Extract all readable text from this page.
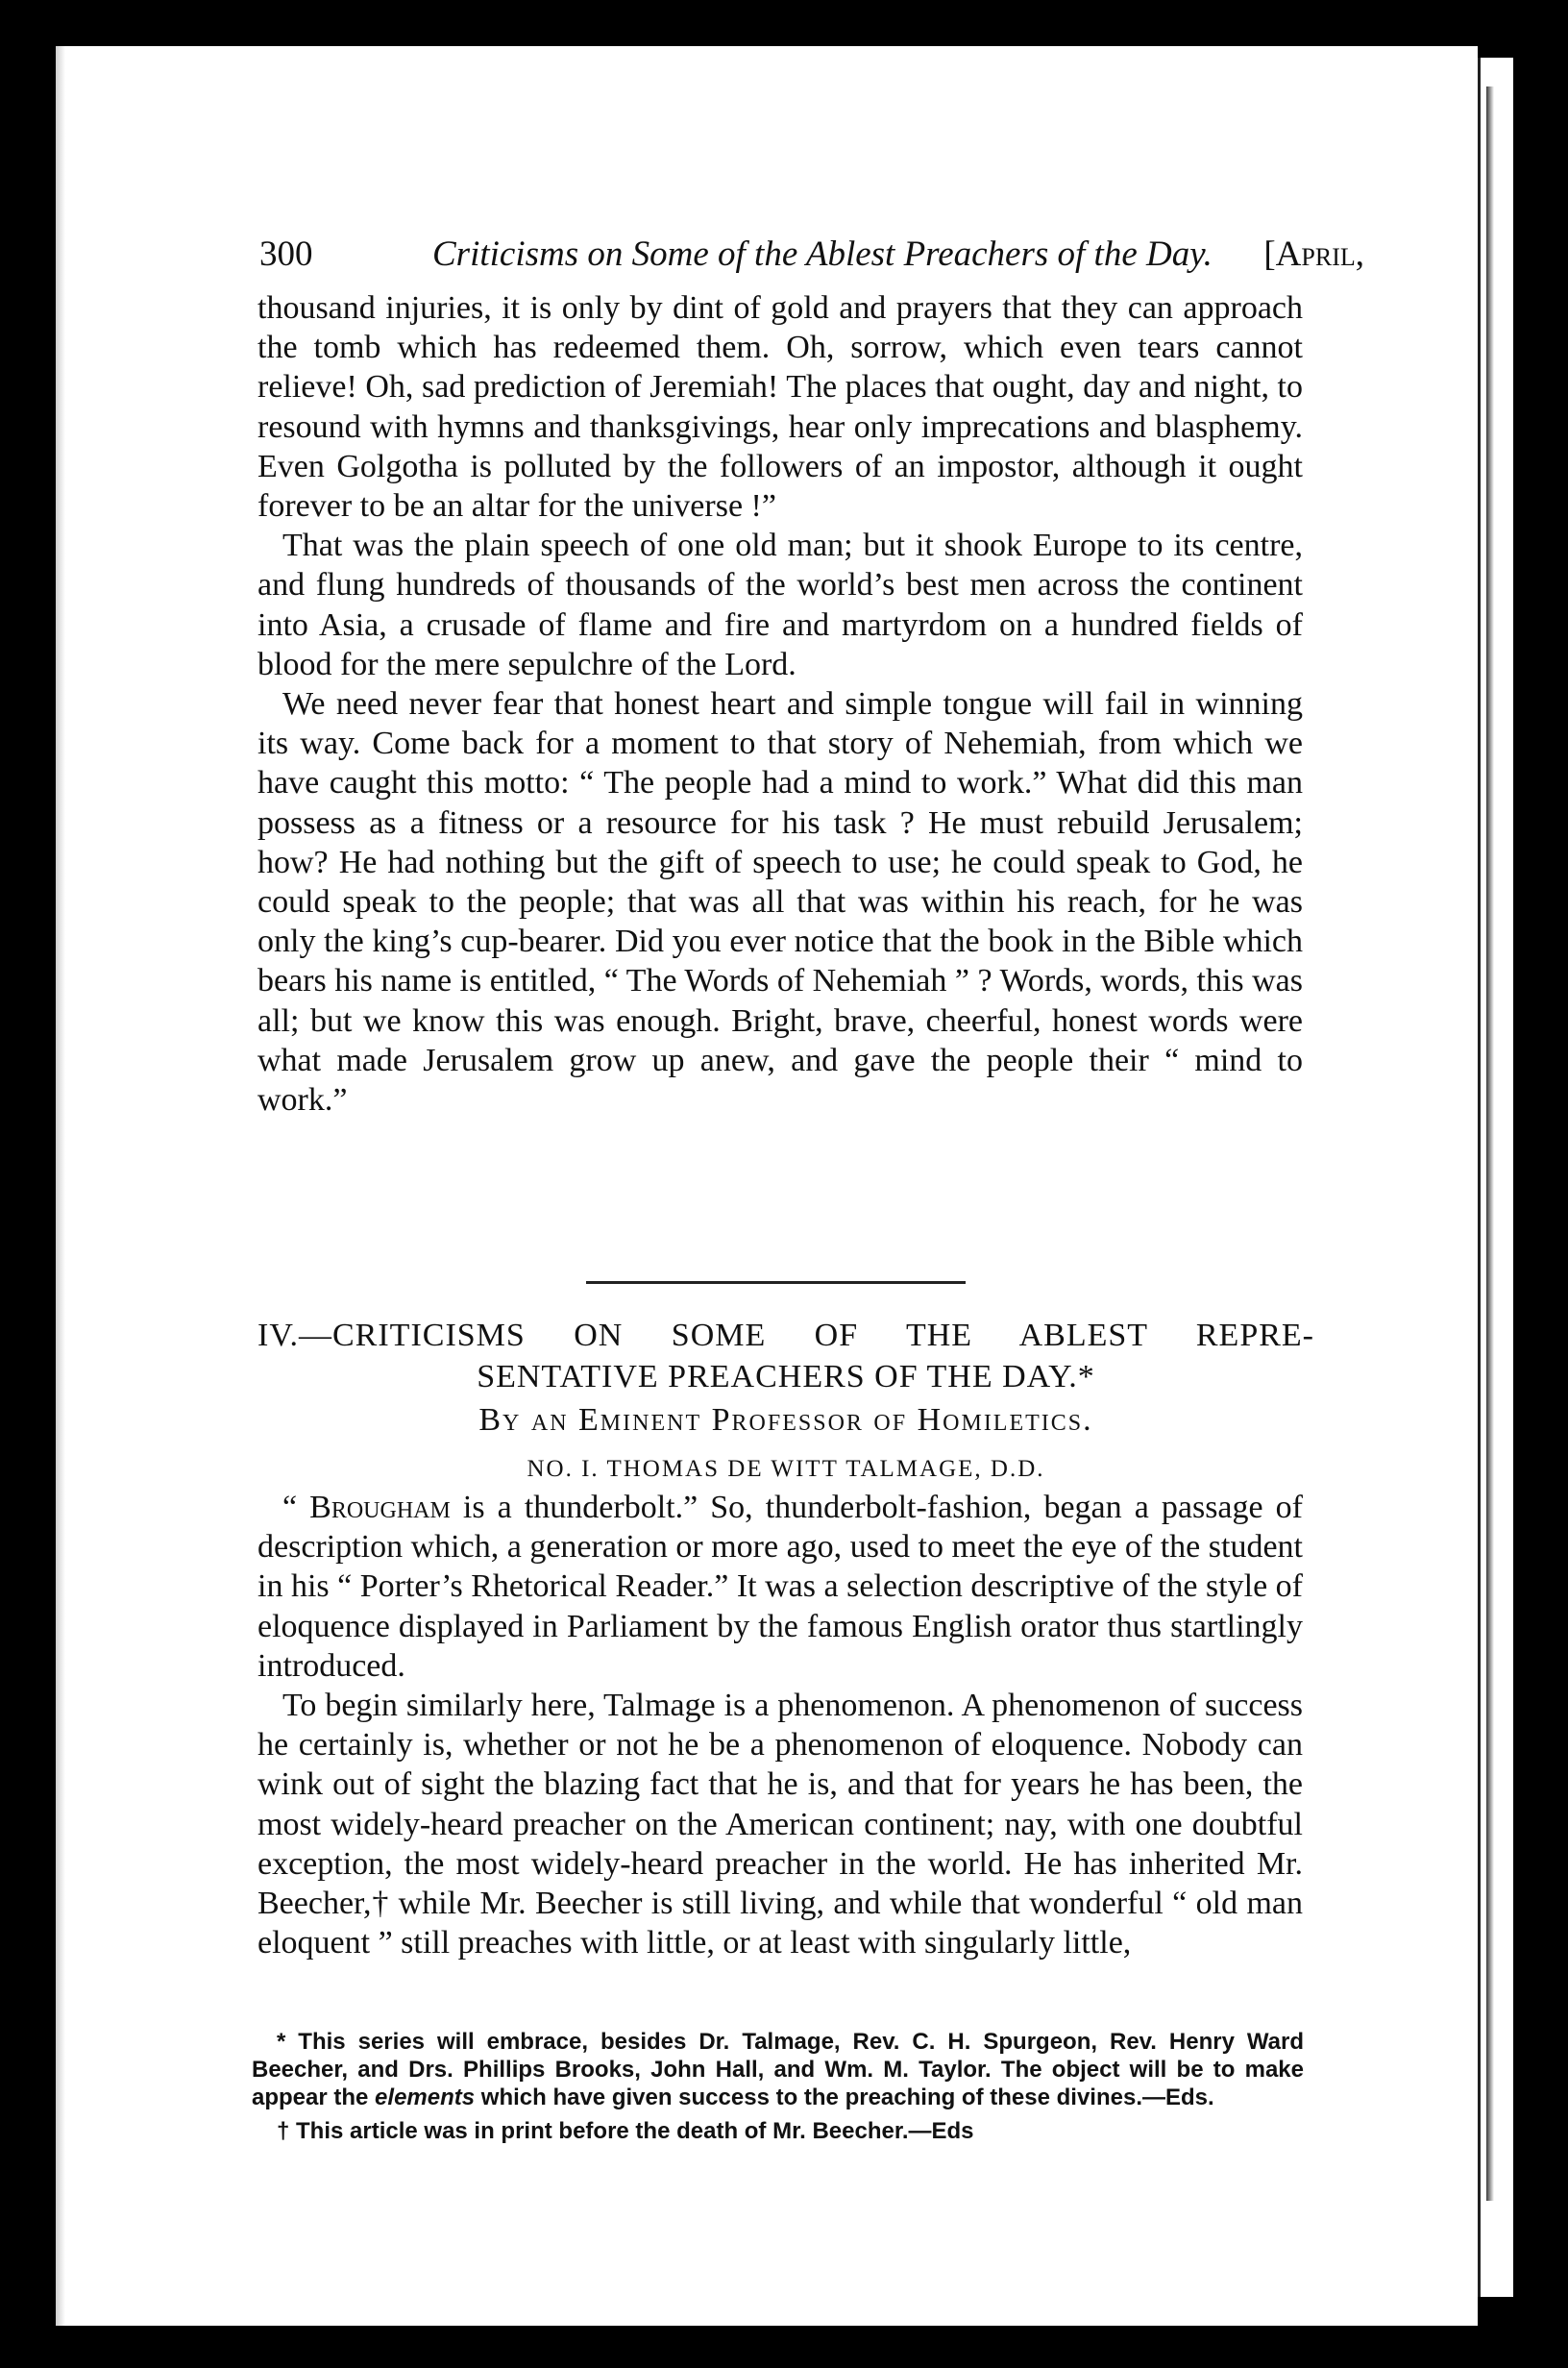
300	Criticisms on Some of the Ablest Preachers of the Day. [April,

thousand injuries, it is only by dint of gold and prayers that they can approach the tomb which has redeemed them. Oh, sorrow, which even tears cannot relieve! Oh, sad prediction of Jeremiah! The places that ought, day and night, to resound with hymns and thanksgivings, hear only imprecations and blasphemy. Even Golgotha is polluted by the followers of an impostor, although it ought forever to be an altar for the universe !”

That was the plain speech of one old man; but it shook Europe to its centre, and flung hundreds of thousands of the world’s best men across the continent into Asia, a crusade of flame and fire and martyrdom on a hundred fields of blood for the mere sepulchre of the Lord.

We need never fear that honest heart and simple tongue will fail in winning its way. Come back for a moment to that story of Nehemiah, from which we have caught this motto: “ The people had a mind to work.” What did this man possess as a fitness or a resource for his task ? He must rebuild Jerusalem; how? He had nothing but the gift of speech to use; he could speak to God, he could speak to the people; that was all that was within his reach, for he was only the king’s cup-bearer. Did you ever notice that the book in the Bible which bears his name is entitled, “ The Words of Nehemiah ” ? Words, words, this was all; but we know this was enough. Bright, brave, cheerful, honest words were what made Jerusalem grow up anew, and gave the people their “ mind to work.”

IV.—CRITICISMS ON SOME OF THE ABLEST REPRE-
SENTATIVE PREACHERS OF THE DAY.*
By an Eminent Professor of Homiletics.
NO. I. THOMAS DE WITT TALMAGE, D.D.

“ Brougham is a thunderbolt.” So, thunderbolt-fashion, began a passage of description which, a generation or more ago, used to meet the eye of the student in his “ Porter’s Rhetorical Reader.” It was a selection descriptive of the style of eloquence displayed in Parliament by the famous English orator thus startlingly introduced.

To begin similarly here, Talmage is a phenomenon. A phenomenon of success he certainly is, whether or not he be a phenomenon of eloquence. Nobody can wink out of sight the blazing fact that he is, and that for years he has been, the most widely-heard preacher on the American continent; nay, with one doubtful exception, the most widely-heard preacher in the world. He has inherited Mr. Beecher,† while Mr. Beecher is still living, and while that wonderful “ old man eloquent ” still preaches with little, or at least with singularly little,

* This series will embrace, besides Dr. Talmage, Rev. C. H. Spurgeon, Rev. Henry Ward Beecher, and Drs. Phillips Brooks, John Hall, and Wm. M. Taylor. The object will be to make appear the elements which have given success to the preaching of these divines.—Eds.

† This article was in print before the death of Mr. Beecher.—Eds
